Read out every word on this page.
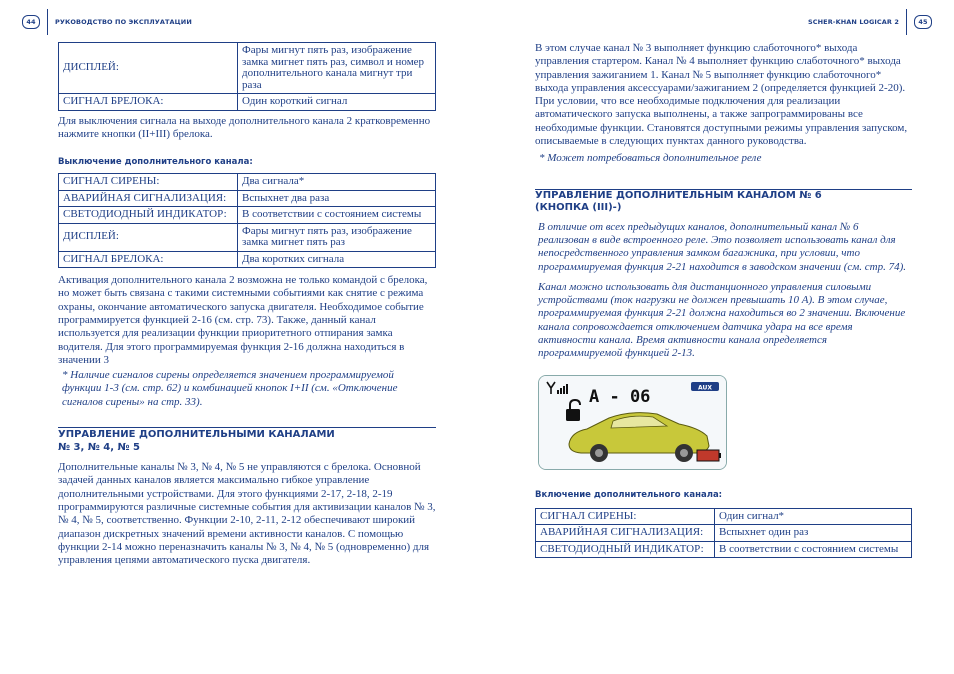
44	РУКОВОДСТВО ПО ЭКСПЛУАТАЦИИ	SCHER-KHAN LOGICAR 2	45
ДИСПЛЕЙ:	Фары мигнут пять раз, изображение замка мигнет пять раз, символ и номер дополнительного канала мигнут три раза
СИГНАЛ БРЕЛОКА:	Один короткий сигнал

Для выключения сигнала на выходе дополнительного канала 2 кратковременно нажмите кнопки (II+III) брелока.

Выключение дополнительного канала:
СИГНАЛ СИРЕНЫ:	Два сигнала*
АВАРИЙНАЯ СИГНАЛИЗАЦИЯ:	Вспыхнет два раза
СВЕТОДИОДНЫЙ ИНДИКАТОР:	В соответствии с состоянием системы
ДИСПЛЕЙ:	Фары мигнут пять раз, изображение замка мигнет пять раз
СИГНАЛ БРЕЛОКА:	Два коротких сигнала

Активация дополнительного канала 2 возможна не только командой с брелока, но может быть связана с такими системными событиями как снятие с режима охраны, окончание автоматического запуска двигателя. Необходимое событие программируется функцией 2-16 (см. стр. 73). Также, данный канал используется для реализации функции приоритетного отпирания замка водителя. Для этого программируемая функция 2-16 должна находиться в значении 3

* Наличие сигналов сирены определяется значением программируемой функции 1-3 (см. стр. 62) и комбинацией кнопок I+II (см. «Отключение сигналов сирены» на стр. 33).

УПРАВЛЕНИЕ ДОПОЛНИТЕЛЬНЫМИ КАНАЛАМИ
№ 3, № 4, № 5

Дополнительные каналы № 3, № 4, № 5 не управляются с брелока. Основной задачей данных каналов является максимально гибкое управление дополнительными устройствами. Для этого функциями 2-17, 2-18, 2-19 программируются различные системные события для активизации каналов № 3, № 4, № 5, соответственно. Функции 2-10, 2-11, 2-12 обеспечивают широкий диапазон дискретных значений времени активности каналов. С помощью функции 2-14 можно переназначить каналы № 3, № 4, № 5 (одновременно) для управления цепями автоматического пуска двигателя.

В этом случае канал № 3 выполняет функцию слаботочного* выхода управления стартером. Канал № 4 выполняет функцию слаботочного* выхода управления зажиганием 1. Канал № 5 выполняет функцию слаботочного* выхода управления аксессуарами/зажиганием 2 (определяется функцией 2-20). При условии, что все необходимые подключения для реализации автоматического запуска выполнены, а также запрограммированы все необходимые функции. Становятся доступными режимы управления запуском, описываемые в следующих пунктах данного руководства.

* Может потребоваться дополнительное реле

УПРАВЛЕНИЕ ДОПОЛНИТЕЛЬНЫМ КАНАЛОМ № 6
(КНОПКА (III)-)

В отличие от всех предыдущих каналов, дополнительный канал № 6 реализован в виде встроенного реле. Это позволяет использовать канал для непосредственного управления замком багажника, при условии, что программируемая функция 2-21 находится в заводском значении (см. стр. 74).

Канал можно использовать для дистанционного управления силовыми устройствами (ток нагрузки не должен превышать 10 А). В этом случае, программируемая функция 2-21 должна находиться во 2 значении. Включение канала сопровождается отключением датчика удара на все время активности канала. Время активности канала определяется программируемой функцией 2-13.

AUX
A - 06
Включение дополнительного канала:
СИГНАЛ СИРЕНЫ:	Один сигнал*
АВАРИЙНАЯ СИГНАЛИЗАЦИЯ:	Вспыхнет один раз
СВЕТОДИОДНЫЙ ИНДИКАТОР:	В соответствии с состоянием системы
